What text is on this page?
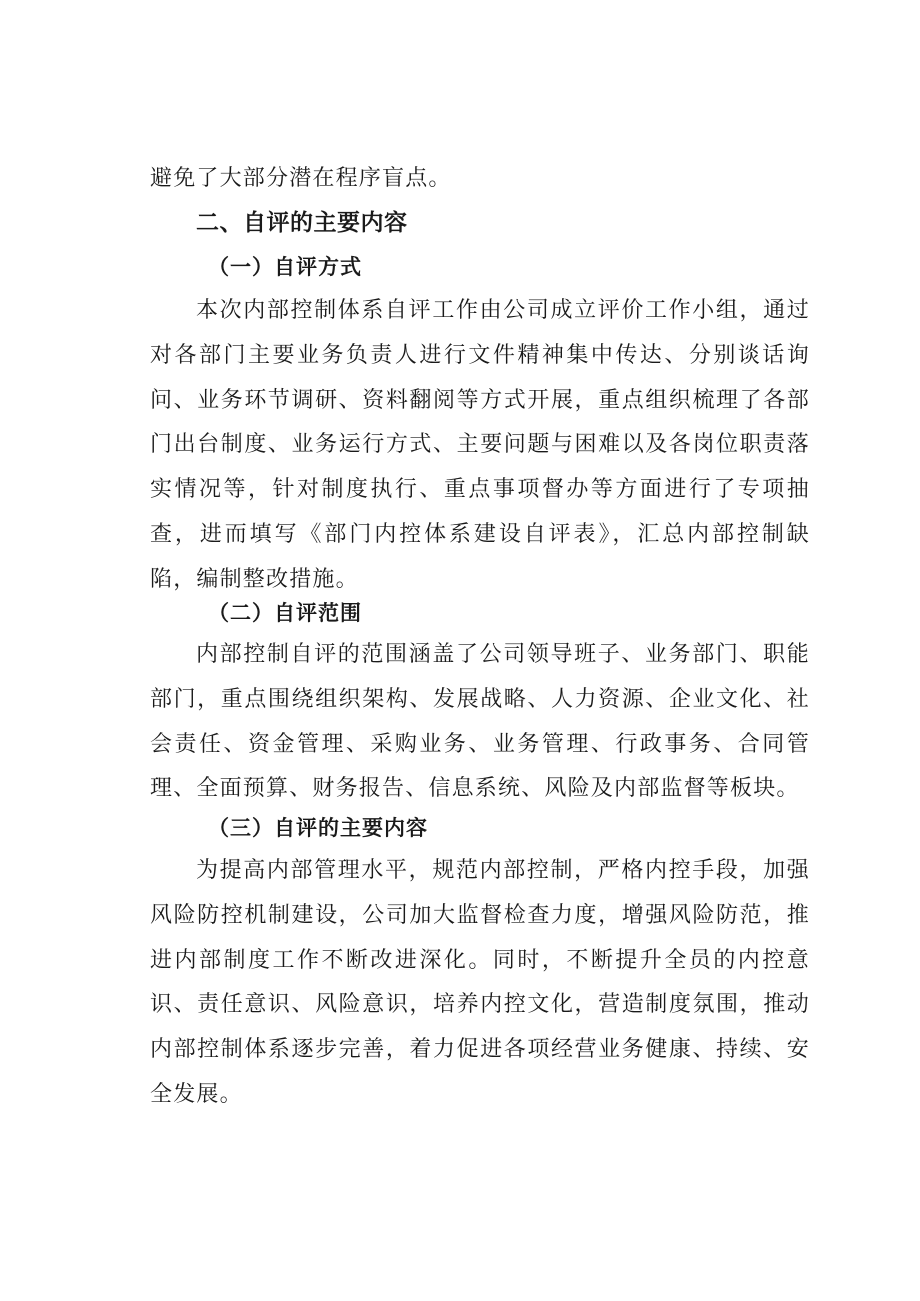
避免了大部分潜在程序盲点。

二、自评的主要内容
（一）自评方式

本次内部控制体系自评工作由公司成立评价工作小组，通过对各部门主要业务负责人进行文件精神集中传达、分别谈话询问、业务环节调研、资料翻阅等方式开展，重点组织梳理了各部门出台制度、业务运行方式、主要问题与困难以及各岗位职责落实情况等，针对制度执行、重点事项督办等方面进行了专项抽查，进而填写《部门内控体系建设自评表》，汇总内部控制缺陷，编制整改措施。

（二）自评范围

内部控制自评的范围涵盖了公司领导班子、业务部门、职能部门，重点围绕组织架构、发展战略、人力资源、企业文化、社会责任、资金管理、采购业务、业务管理、行政事务、合同管理、全面预算、财务报告、信息系统、风险及内部监督等板块。

（三）自评的主要内容

为提高内部管理水平，规范内部控制，严格内控手段，加强风险防控机制建设，公司加大监督检查力度，增强风险防范，推进内部制度工作不断改进深化。同时，不断提升全员的内控意识、责任意识、风险意识，培养内控文化，营造制度氛围，推动内部控制体系逐步完善，着力促进各项经营业务健康、持续、安全发展。
